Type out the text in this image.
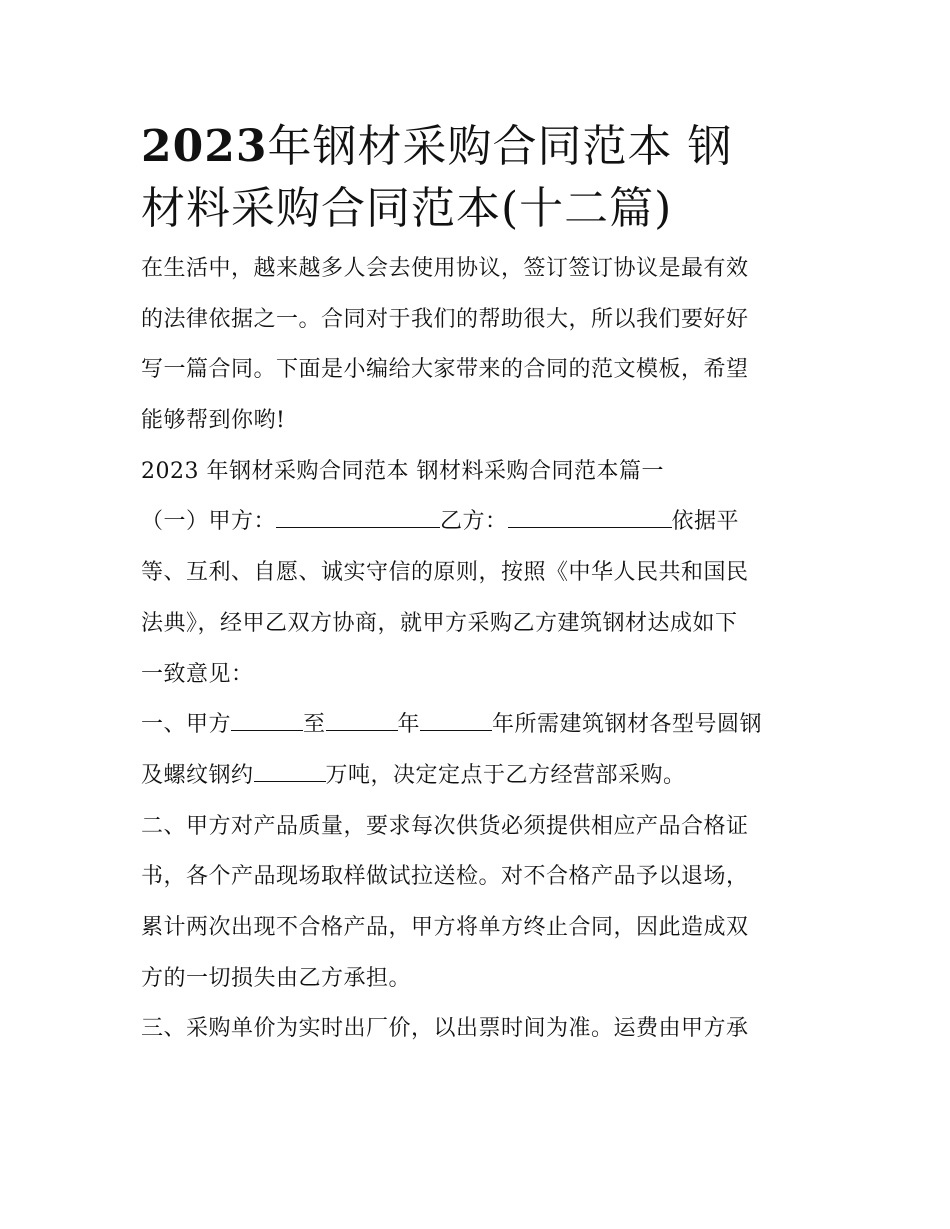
2023年钢材采购合同范本 钢
材料采购合同范本(十二篇)
在生活中，越来越多人会去使用协议，签订签订协议是最有效
的法律依据之一。合同对于我们的帮助很大，所以我们要好好
写一篇合同。下面是小编给大家带来的合同的范文模板，希望
能够帮到你哟!
2023 年钢材采购合同范本 钢材料采购合同范本篇一
（一）甲方：	乙方：	依据平
等、互利、自愿、诚实守信的原则，按照《中华人民共和国民
法典》，经甲乙双方协商，就甲方采购乙方建筑钢材达成如下
一致意见：
一、甲方	至	年	年所需建筑钢材各型号圆钢
及螺纹钢约	万吨，决定定点于乙方经营部采购。
二、甲方对产品质量，要求每次供货必须提供相应产品合格证
书，各个产品现场取样做试拉送检。对不合格产品予以退场，
累计两次出现不合格产品，甲方将单方终止合同，因此造成双
方的一切损失由乙方承担。
三、采购单价为实时出厂价，以出票时间为准。运费由甲方承
